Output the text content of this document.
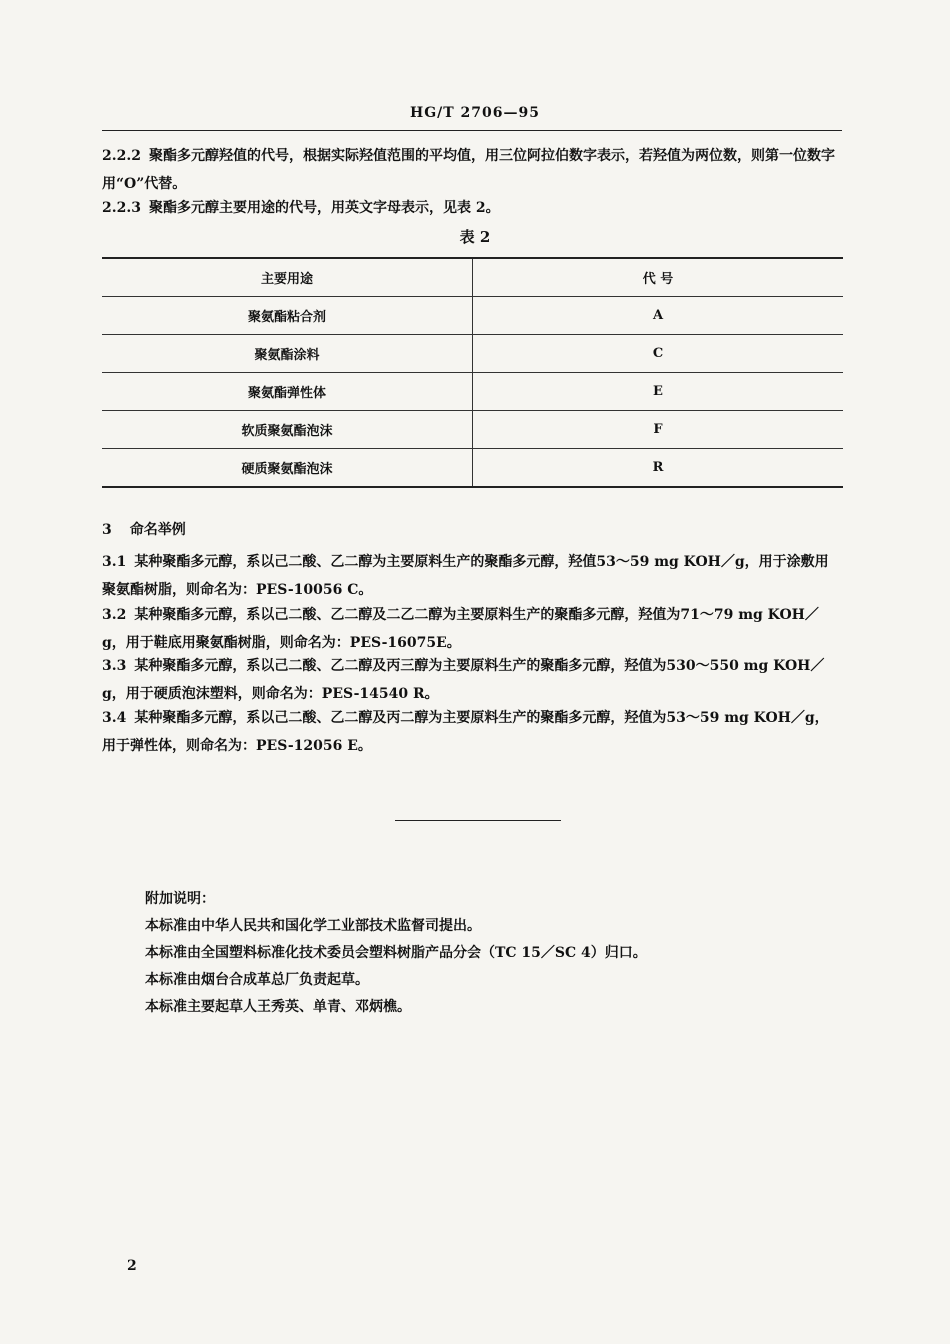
HG/T 2706—95

2.2.2 聚酯多元醇羟值的代号，根据实际羟值范围的平均值，用三位阿拉伯数字表示，若羟值为两位数，则第一位数字用“O”代替。

2.2.3 聚酯多元醇主要用途的代号，用英文字母表示，见表 2。

表 2
主要用途	代 号
聚氨酯粘合剂	A
聚氨酯涂料	C
聚氨酯弹性体	E
软质聚氨酯泡沫	F
硬质聚氨酯泡沫	R

3 命名举例

3.1 某种聚酯多元醇，系以己二酸、乙二醇为主要原料生产的聚酯多元醇，羟值53～59 mg KOH／g，用于涂敷用聚氨酯树脂，则命名为：PES-10056 C。

3.2 某种聚酯多元醇，系以己二酸、乙二醇及二乙二醇为主要原料生产的聚酯多元醇，羟值为71～79 mg KOH／g，用于鞋底用聚氨酯树脂，则命名为：PES-16075E。

3.3 某种聚酯多元醇，系以己二酸、乙二醇及丙三醇为主要原料生产的聚酯多元醇，羟值为530～550 mg KOH／g，用于硬质泡沫塑料，则命名为：PES-14540 R。

3.4 某种聚酯多元醇，系以己二酸、乙二醇及丙二醇为主要原料生产的聚酯多元醇，羟值为53～59 mg KOH／g，用于弹性体，则命名为：PES-12056 E。

附加说明：

本标准由中华人民共和国化学工业部技术监督司提出。

本标准由全国塑料标准化技术委员会塑料树脂产品分会（TC 15／SC 4）归口。

本标准由烟台合成革总厂负责起草。

本标准主要起草人王秀英、单青、邓炳樵。

2
